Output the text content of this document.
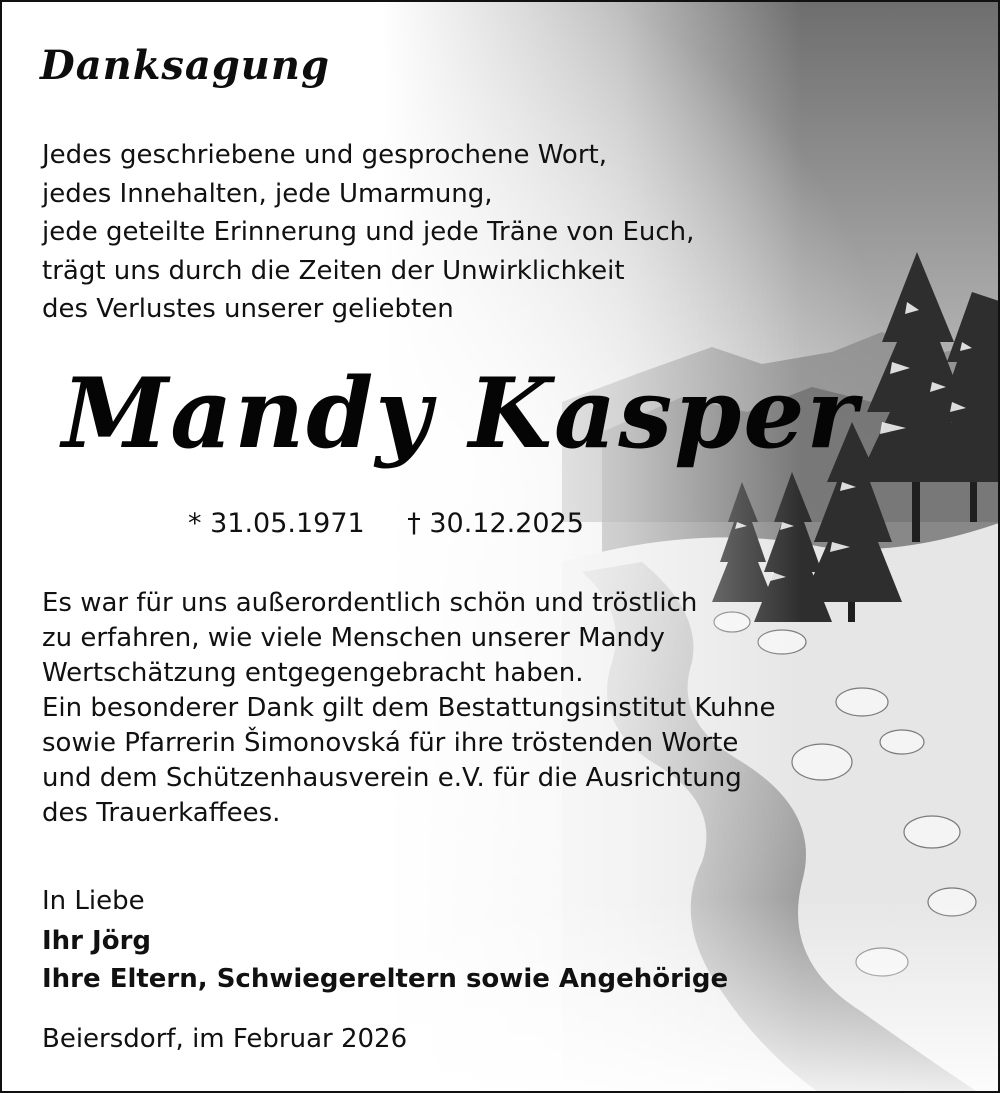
Danksagung
Jedes geschriebene und gesprochene Wort,
jedes Innehalten, jede Umarmung,
jede geteilte Erinnerung und jede Träne von Euch,
trägt uns durch die Zeiten der Unwirklichkeit
des Verlustes unserer geliebten
Mandy Kasper
* 31.05.1971 † 30.12.2025
Es war für uns außerordentlich schön und tröstlich
zu erfahren, wie viele Menschen unserer Mandy
Wertschätzung entgegengebracht haben.
Ein besonderer Dank gilt dem Bestattungsinstitut Kuhne
sowie Pfarrerin Šimonovská für ihre tröstenden Worte
und dem Schützenhausverein e.V. für die Ausrichtung
des Trauerkaffees.
In Liebe
Ihr Jörg
Ihre Eltern, Schwiegereltern sowie Angehörige
Beiersdorf, im Februar 2026
